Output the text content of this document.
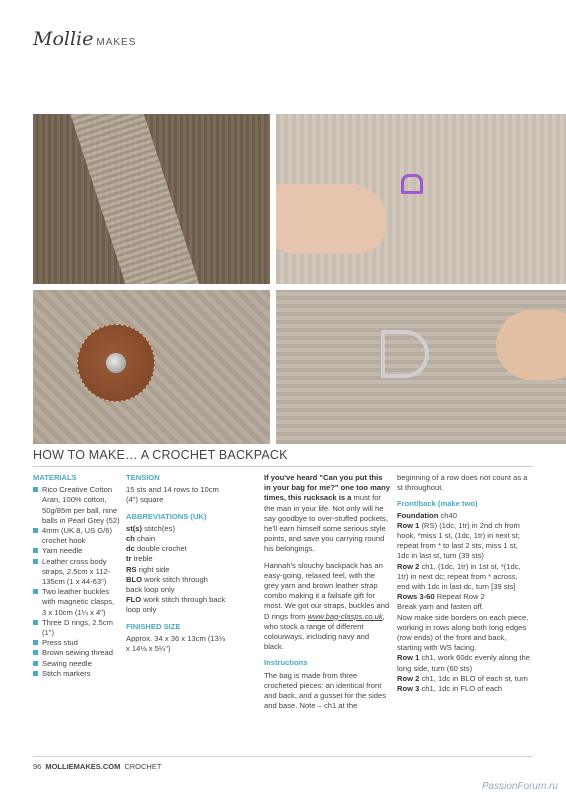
Mollie MAKES
HOW TO MAKE… A CROCHET BACKPACK
MATERIALS
Rico Creative Cotton Aran, 100% cotton, 50g/85m per ball, nine balls in Pearl Grey (52)
4mm (UK 8, US G/6) crochet hook
Yarn needle
Leather cross body straps, 2.5cm x 112-135cm (1 x 44-63")
Two leather buckles with magnetic clasps, 3 x 10cm (1¼ x 4")
Three D rings, 2.5cm (1")
Press stud
Brown sewing thread
Sewing needle
Stitch markers
TENSION
15 sts and 14 rows to 10cm (4") square
ABBREVIATIONS (UK)
st(s) stitch(es)
ch chain
dc double crochet
tr treble
RS right side
BLO work stitch through back loop only
FLO work stitch through back loop only
FINISHED SIZE
Approx. 34 x 36 x 13cm (13⅓ x 14⅛ x 5¼")

If you've heard "Can you put this in your bag for me?" one too many times, this rucksack is a must for the man in your life. Not only will he say goodbye to over-stuffed pockets, he'll earn himself some serious style points, and save you carrying round his belongings.

Hannah's slouchy backpack has an easy-going, relaxed feel, with the grey yarn and brown leather strap combo making it a failsafe gift for most. We got our straps, buckles and D rings from www.bag-clasps.co.uk, who stock a range of different colourways, including navy and black.

Instructions
The bag is made from three crocheted pieces: an identical front and back, and a gusset for the sides and base. Note – ch1 at the

beginning of a row does not count as a st throughout.

Front/back (make two)
Foundation ch40
Row 1 (RS) (1dc, 1tr) in 2nd ch from hook, *miss 1 st, (1dc, 1tr) in next st; repeat from * to last 2 sts, miss 1 st, 1dc in last st, turn (39 sts)
Row 2 ch1, (1dc, 1tr) in 1st st, *(1dc, 1tr) in next dc; repeat from * across, end with 1dc in last dc, turn [39 sts]
Rows 3-60 Repeat Row 2
Break yarn and fasten off.
Now make side borders on each piece, working in rows along both long edges (row ends) of the front and back, starting with WS facing.
Row 1 ch1, work 60dc evenly along the long side, turn (60 sts)
Row 2 ch1, 1dc in BLO of each st, turn
Row 3 ch1, 1dc in FLO of each
96 MOLLIEMAKES.COM CROCHET
PassionForum.ru
